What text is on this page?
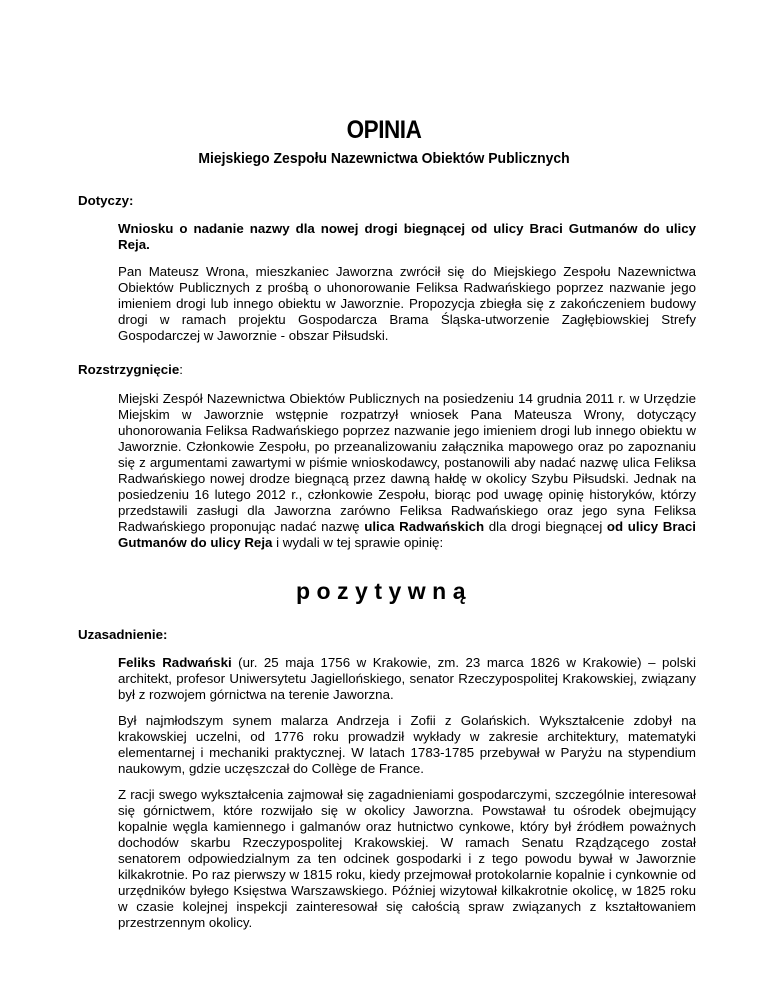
OPINIA
Miejskiego Zespołu Nazewnictwa Obiektów Publicznych
Dotyczy:
Wniosku o nadanie nazwy dla nowej drogi biegnącej od ulicy Braci Gutmanów do ulicy Reja.
Pan Mateusz Wrona, mieszkaniec Jaworzna zwrócił się do Miejskiego Zespołu Nazewnictwa Obiektów Publicznych z prośbą o uhonorowanie Feliksa Radwańskiego poprzez nazwanie jego imieniem drogi lub innego obiektu w Jaworznie. Propozycja zbiegła się z zakończeniem budowy drogi w ramach projektu Gospodarcza Brama Śląska-utworzenie Zagłębiowskiej Strefy Gospodarczej w Jaworznie - obszar Piłsudski.
Rozstrzygnięcie:
Miejski Zespół Nazewnictwa Obiektów Publicznych na posiedzeniu 14 grudnia 2011 r. w Urzędzie Miejskim w Jaworznie wstępnie rozpatrzył wniosek Pana Mateusza Wrony, dotyczący uhonorowania Feliksa Radwańskiego poprzez nazwanie jego imieniem drogi lub innego obiektu w Jaworznie. Członkowie Zespołu, po przeanalizowaniu załącznika mapowego oraz po zapoznaniu się z argumentami zawartymi w piśmie wnioskodawcy, postanowili aby nadać nazwę ulica Feliksa Radwańskiego nowej drodze biegnącą przez dawną hałdę w okolicy Szybu Piłsudski. Jednak na posiedzeniu 16 lutego 2012 r., członkowie Zespołu, biorąc pod uwagę opinię historyków, którzy przedstawili zasługi dla Jaworzna zarówno Feliksa Radwańskiego oraz jego syna Feliksa Radwańskiego proponując nadać nazwę ulica Radwańskich dla drogi biegnącej od ulicy Braci Gutmanów do ulicy Reja i wydali w tej sprawie opinię:
pozytywną
Uzasadnienie:
Feliks Radwański (ur. 25 maja 1756 w Krakowie, zm. 23 marca 1826 w Krakowie) – polski architekt, profesor Uniwersytetu Jagiellońskiego, senator Rzeczypospolitej Krakowskiej, związany był z rozwojem górnictwa na terenie Jaworzna.
Był najmłodszym synem malarza Andrzeja i Zofii z Golańskich. Wykształcenie zdobył na krakowskiej uczelni, od 1776 roku prowadził wykłady w zakresie architektury, matematyki elementarnej i mechaniki praktycznej. W latach 1783-1785 przebywał w Paryżu na stypendium naukowym, gdzie uczęszczał do Collège de France.
Z racji swego wykształcenia zajmował się zagadnieniami gospodarczymi, szczególnie interesował się górnictwem, które rozwijało się w okolicy Jaworzna. Powstawał tu ośrodek obejmujący kopalnie węgla kamiennego i galmanów oraz hutnictwo cynkowe, który był źródłem poważnych dochodów skarbu Rzeczypospolitej Krakowskiej. W ramach Senatu Rządzącego został senatorem odpowiedzialnym za ten odcinek gospodarki i z tego powodu bywał w Jaworznie kilkakrotnie. Po raz pierwszy w 1815 roku, kiedy przejmował protokolarnie kopalnie i cynkownie od urzędników byłego Księstwa Warszawskiego. Później wizytował kilkakrotnie okolicę, w 1825 roku w czasie kolejnej inspekcji zainteresował się całością spraw związanych z kształtowaniem przestrzennym okolicy.
